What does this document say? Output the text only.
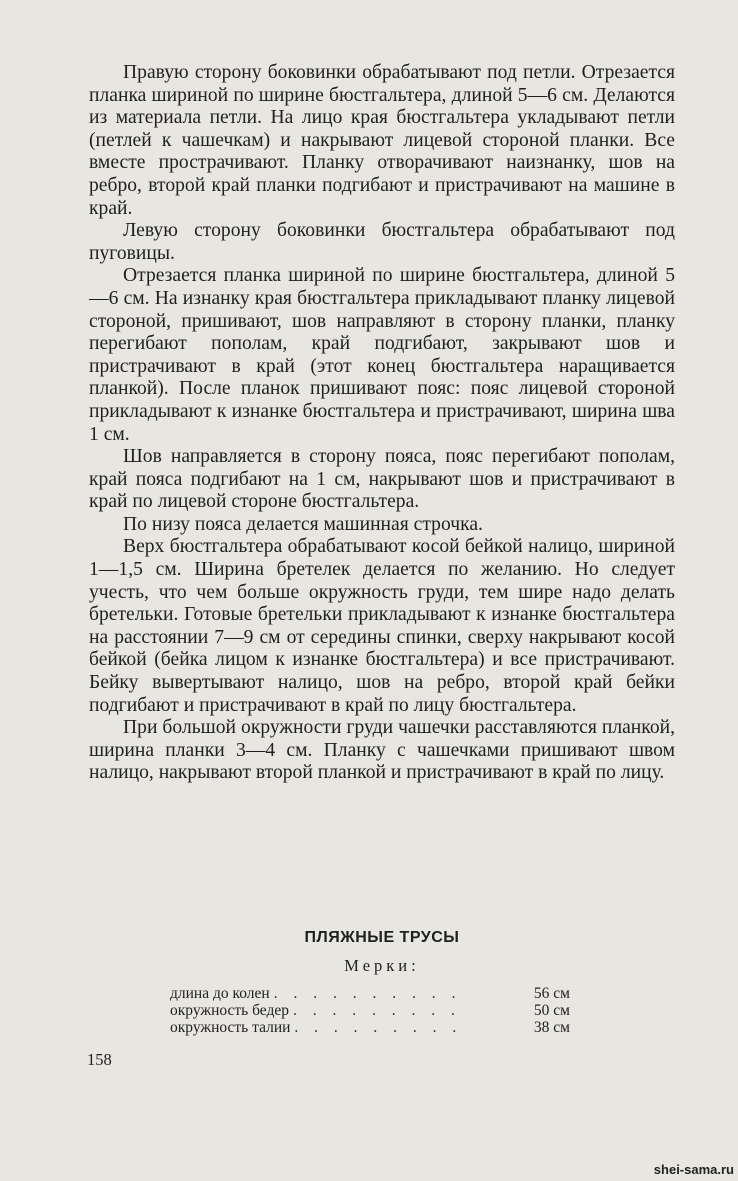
Правую сторону боковинки обрабатывают под петли. Отрезается планка шириной по ширине бюстгальтера, длиной 5—6 см. Делаются из материала петли. На лицо края бюстгальтера укладывают петли (петлей к чашечкам) и накрывают лицевой стороной планки. Все вместе прострачивают. Планку отворачивают наизнанку, шов на ребро, второй край планки подгибают и пристрачивают на машине в край.

Левую сторону боковинки бюстгальтера обрабатывают под пуговицы.

Отрезается планка шириной по ширине бюстгальтера, длиной 5—6 см. На изнанку края бюстгальтера прикладывают планку лицевой стороной, пришивают, шов направляют в сторону планки, планку перегибают пополам, край подгибают, закрывают шов и пристрачивают в край (этот конец бюстгальтера наращивается планкой). После планок пришивают пояс: пояс лицевой стороной прикладывают к изнанке бюстгальтера и пристрачивают, ширина шва 1 см.

Шов направляется в сторону пояса, пояс перегибают пополам, край пояса подгибают на 1 см, накрывают шов и пристрачивают в край по лицевой стороне бюстгальтера.

По низу пояса делается машинная строчка.

Верх бюстгальтера обрабатывают косой бейкой налицо, шириной 1—1,5 см. Ширина бретелек делается по желанию. Но следует учесть, что чем больше окружность груди, тем шире надо делать бретельки. Готовые бретельки прикладывают к изнанке бюстгальтера на расстоянии 7—9 см от середины спинки, сверху накрывают косой бейкой (бейка лицом к изнанке бюстгальтера) и все пристрачивают. Бейку вывертывают налицо, шов на ребро, второй край бейки подгибают и пристрачивают в край по лицу бюстгальтера.

При большой окружности груди чашечки расставляются планкой, ширина планки 3—4 см. Планку с чашечками пришивают швом налицо, накрывают второй планкой и пристрачивают в край по лицу.

ПЛЯЖНЫЕ ТРУСЫ

Мерки:

длина до колен . . . . . . . . . .	56 см
окружность бедер . . . . . . . . .	50 см
окружность талии . . . . . . . . .	38 см

158

shei-sama.ru
